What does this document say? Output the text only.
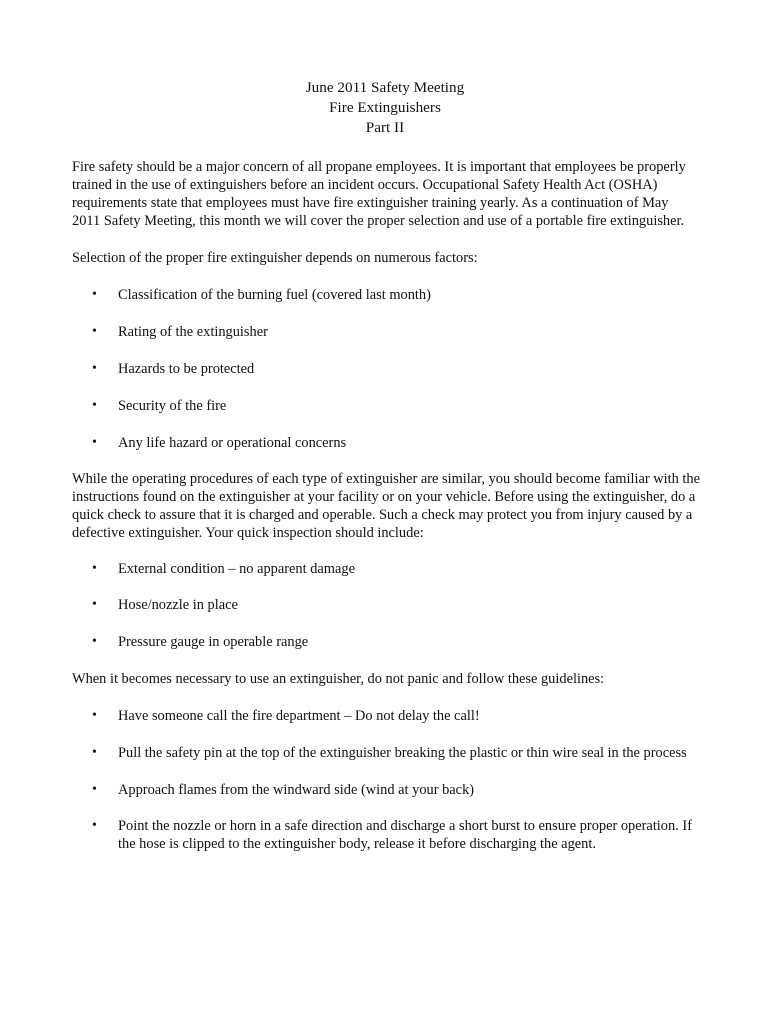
June 2011 Safety Meeting
Fire Extinguishers
Part II

Fire safety should be a major concern of all propane employees. It is important that employees be properly trained in the use of extinguishers before an incident occurs. Occupational Safety Health Act (OSHA) requirements state that employees must have fire extinguisher training yearly. As a continuation of May 2011 Safety Meeting, this month we will cover the proper selection and use of a portable fire extinguisher.

Selection of the proper fire extinguisher depends on numerous factors:

• Classification of the burning fuel (covered last month)
• Rating of the extinguisher
• Hazards to be protected
• Security of the fire
• Any life hazard or operational concerns

While the operating procedures of each type of extinguisher are similar, you should become familiar with the instructions found on the extinguisher at your facility or on your vehicle. Before using the extinguisher, do a quick check to assure that it is charged and operable. Such a check may protect you from injury caused by a defective extinguisher. Your quick inspection should include:

• External condition – no apparent damage
• Hose/nozzle in place
• Pressure gauge in operable range

When it becomes necessary to use an extinguisher, do not panic and follow these guidelines:

• Have someone call the fire department – Do not delay the call!
• Pull the safety pin at the top of the extinguisher breaking the plastic or thin wire seal in the process
• Approach flames from the windward side (wind at your back)
• Point the nozzle or horn in a safe direction and discharge a short burst to ensure proper operation. If the hose is clipped to the extinguisher body, release it before discharging the agent.
